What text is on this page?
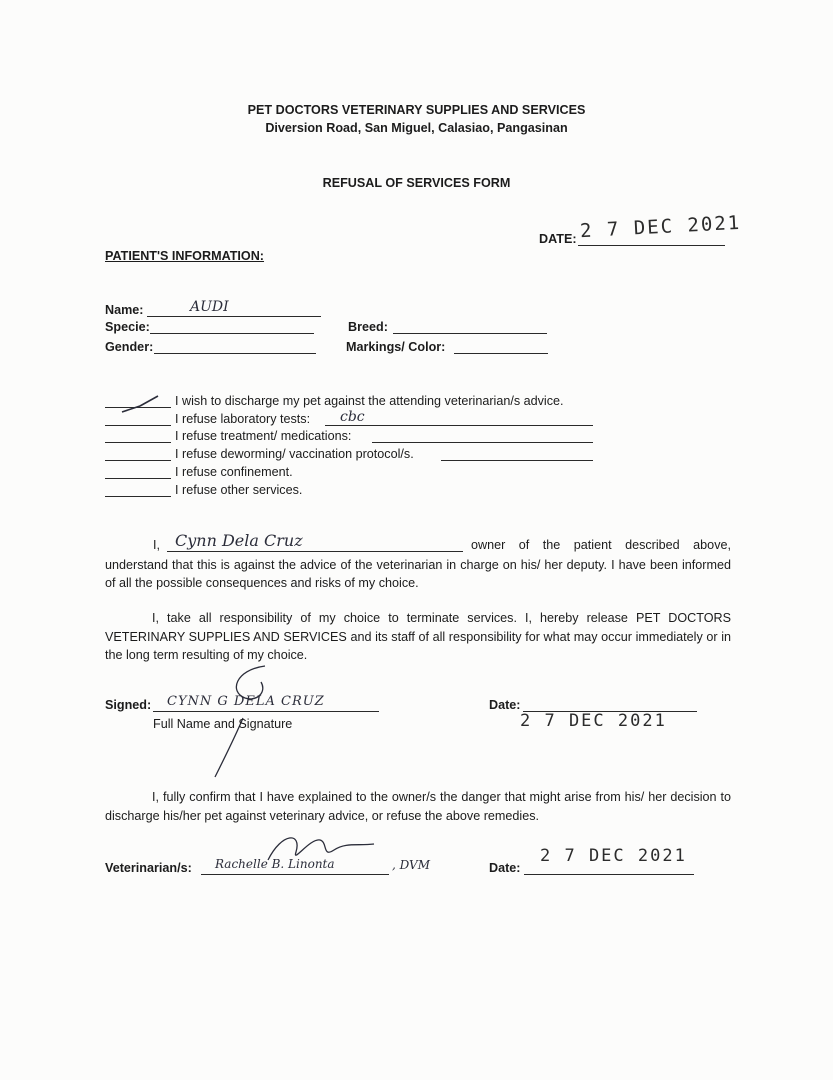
PET DOCTORS VETERINARY SUPPLIES AND SERVICES
Diversion Road, San Miguel, Calasiao, Pangasinan
REFUSAL OF SERVICES FORM
DATE: 2 7 DEC 2021
PATIENT'S INFORMATION:
Name:	AUDI
Specie:	Breed:
Gender:	Markings/ Color:
I wish to discharge my pet against the attending veterinarian/s advice.
I refuse laboratory tests: cbc
I refuse treatment/ medications:
I refuse deworming/ vaccination protocol/s.
I refuse confinement.
I refuse other services.
I, Cynn Dela Cruz	owner of the patient described above,
understand that this is against the advice of the veterinarian in charge on his/ her deputy. I have been informed of all the possible consequences and risks of my choice.
I, take all responsibility of my choice to terminate services. I, hereby release PET DOCTORS VETERINARY SUPPLIES AND SERVICES and its staff of all responsibility for what may occur immediately or in the long term resulting of my choice.
Signed: CYNN G DELA CRUZ
Full Name and Signature
Date:
2 7 DEC 2021
I, fully confirm that I have explained to the owner/s the danger that might arise from his/ her decision to discharge his/her pet against veterinary advice, or refuse the above remedies.
Veterinarian/s: Rachelle B. Linonta	, DVM	Date:
2 7 DEC 2021
